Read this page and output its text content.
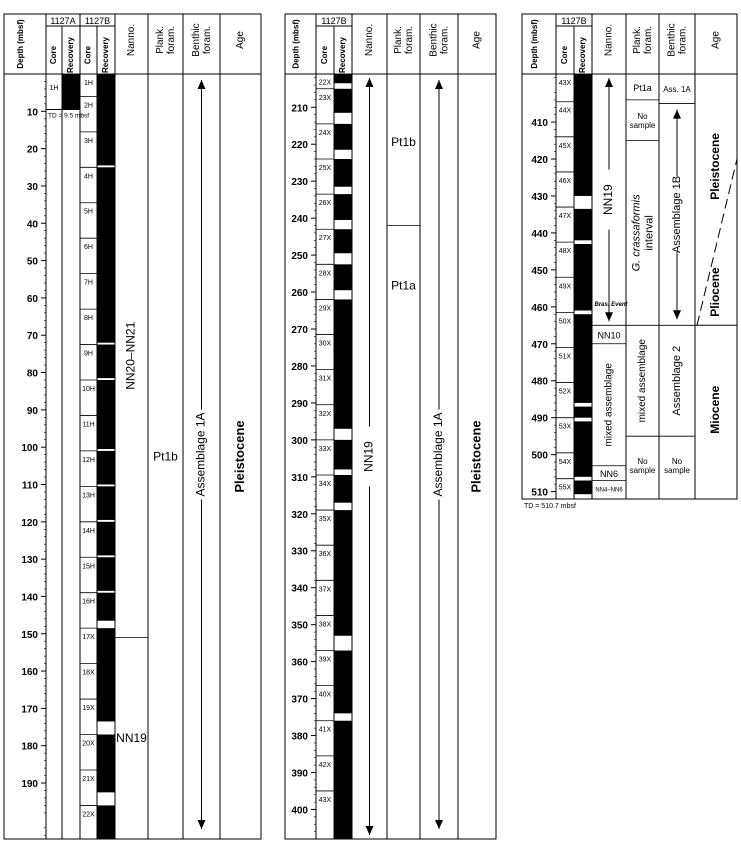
1127A 1127B
Depth (mbsf)	Core Recovery Core Recovery Nanno. Plank. foram. Benthic foram. Age
10
20
30
40
50
60
70
80
90
100
110
120
130
140
150
160
170
180
190
1H
TD = 9.5 mbsf
1H
2H
3H
4H
5H
6H
7H
8H
9H
10H
11H
12H
13H
14H
15H
16H
17X
18X
19X
20X
21X
22X
NN20–NN21
NN19
Pt1b Assemblage 1A Pleistocene
1127B
Depth (mbsf) Core Recovery Nanno. Plank. foram. Benthic foram. Age
210
220
230
240
250
260
270
280
290
300
310
320
330
340
350
360
370
380
390
400
22X
23X
24X
25X
26X
27X
28X
29X
30X
31X
32X
33X
34X
35X
36X
37X
38X
39X
40X
41X
42X
43X
NN19
Pt1b
Pt1a
Assemblage 1A Pleistocene
1127B
Depth (mbsf)	Core Recovery Nanno. Plank. foram. Benthic foram. Age
410
420
430
440
450
460
470
480
490
500
510
43X
44X
45X
46X
47X
48X
49X
50X
51X
52X
53X
54X
55X
NN19
NN10
mixed assemblage
NN6
NN4–NN6
Bras. Event
Pt1a
No
sample
G. crassaformis interval
mixed assemblage
No
sample
Ass. 1A
Assemblage 1B
Assemblage 2
No
sample
Pleistocene
Pliocene
Miocene
TD = 510.7 mbsf
